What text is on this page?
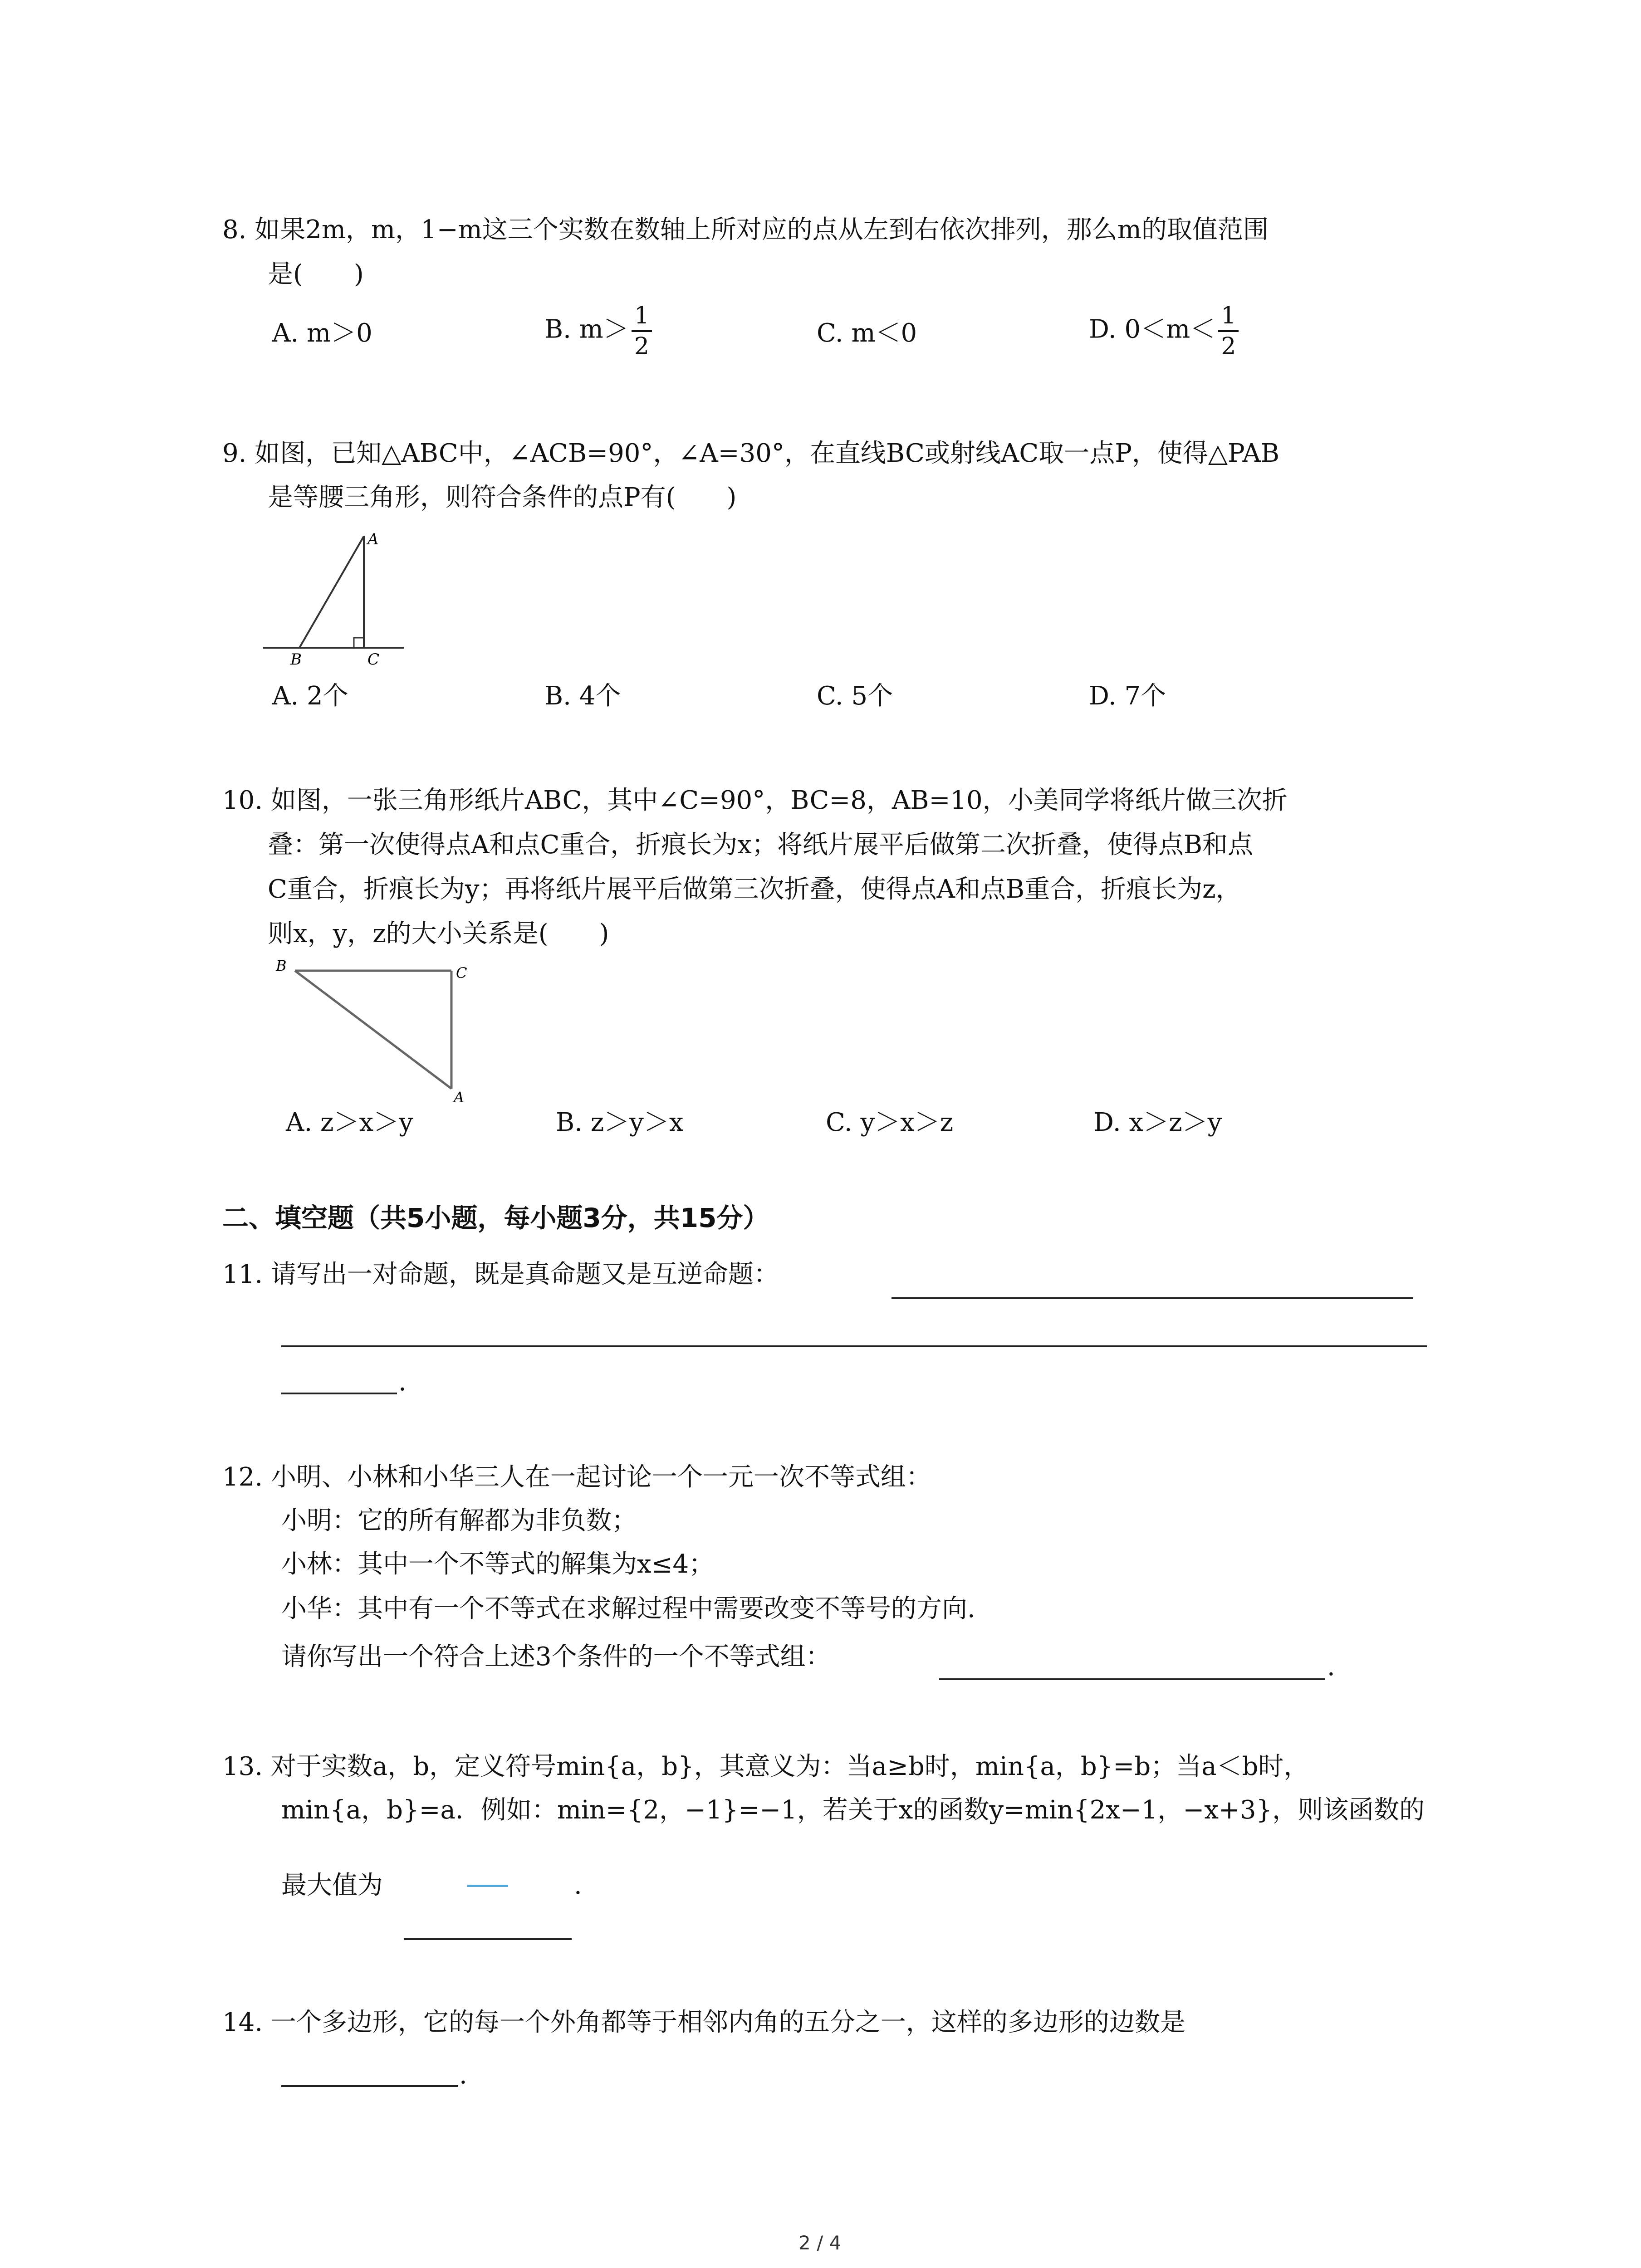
8. 如果2m，m，1−m这三个实数在数轴上所对应的点从左到右依次排列，那么m的取值范围
是(　　)
A. m＞0	B. $m> \frac{1}{2}$	C. m＜0	D. $0<m< \frac{1}{2}$
9. 如图，已知△ABC中，∠ACB=90°，∠A=30°，在直线BC或射线AC取一点P，使得△PAB
是等腰三角形，则符合条件的点P有(　　)
A
B	C
A. 2个	B. 4个	C. 5个	D. 7个
10. 如图，一张三角形纸片ABC，其中∠C=90°，BC=8，AB=10，小美同学将纸片做三次折
叠：第一次使得点A和点C重合，折痕长为x；将纸片展平后做第二次折叠，使得点B和点
C重合，折痕长为y；再将纸片展平后做第三次折叠，使得点A和点B重合，折痕长为z，
则x，y，z的大小关系是(　　)
B	C
A
A. z＞x＞y	B. z＞y＞x	C. y＞x＞z	D. x＞z＞y
二、填空题（共5小题，每小题3分，共15分）
11. 请写出一对命题，既是真命题又是互逆命题：
.
12. 小明、小林和小华三人在一起讨论一个一元一次不等式组：
小明：它的所有解都为非负数；
小林：其中一个不等式的解集为x≤4；
小华：其中有一个不等式在求解过程中需要改变不等号的方向.
请你写出一个符合上述3个条件的一个不等式组：	.
13. 对于实数a，b，定义符号min{a，b}，其意义为：当a≥b时，min{a，b}=b；当a＜b时，
min{a，b}=a．例如：min={2，−1}=−1，若关于x的函数y=min{2x−1，−x+3}，则该函数的
最大值为	.
14. 一个多边形，它的每一个外角都等于相邻内角的五分之一，这样的多边形的边数是
.
2 / 4
